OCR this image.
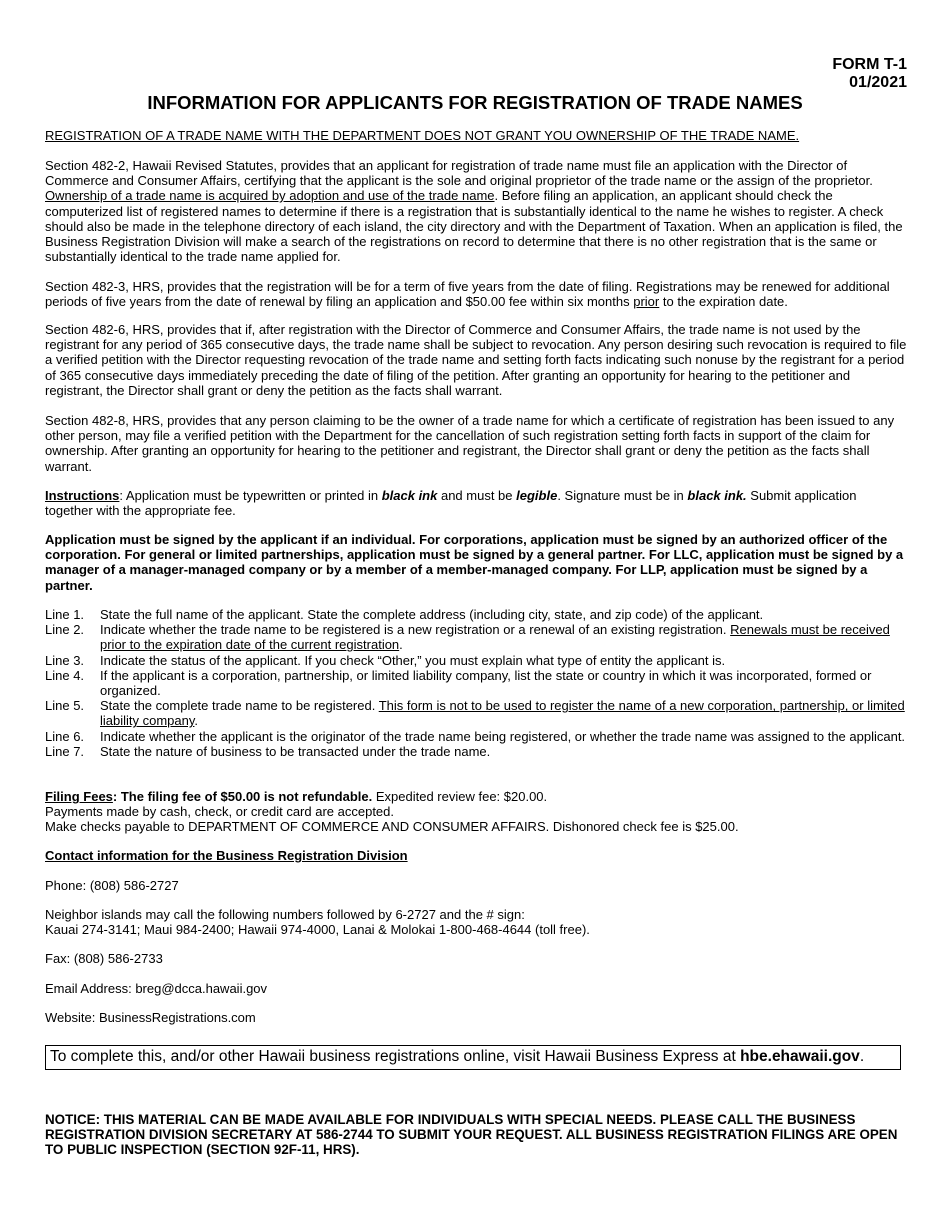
FORM T-1
01/2021
INFORMATION FOR APPLICANTS FOR REGISTRATION OF TRADE NAMES

REGISTRATION OF A TRADE NAME WITH THE DEPARTMENT DOES NOT GRANT YOU OWNERSHIP OF THE TRADE NAME.

Section 482-2, Hawaii Revised Statutes, provides that an applicant for registration of trade name must file an application with the Director of Commerce and Consumer Affairs, certifying that the applicant is the sole and original proprietor of the trade name or the assign of the proprietor. Ownership of a trade name is acquired by adoption and use of the trade name. Before filing an application, an applicant should check the computerized list of registered names to determine if there is a registration that is substantially identical to the name he wishes to register. A check should also be made in the telephone directory of each island, the city directory and with the Department of Taxation. When an application is filed, the Business Registration Division will make a search of the registrations on record to determine that there is no other registration that is the same or substantially identical to the trade name applied for.

Section 482-3, HRS, provides that the registration will be for a term of five years from the date of filing. Registrations may be renewed for additional periods of five years from the date of renewal by filing an application and $50.00 fee within six months prior to the expiration date.

Section 482-6, HRS, provides that if, after registration with the Director of Commerce and Consumer Affairs, the trade name is not used by the registrant for any period of 365 consecutive days, the trade name shall be subject to revocation. Any person desiring such revocation is required to file a verified petition with the Director requesting revocation of the trade name and setting forth facts indicating such nonuse by the registrant for a period of 365 consecutive days immediately preceding the date of filing of the petition. After granting an opportunity for hearing to the petitioner and registrant, the Director shall grant or deny the petition as the facts shall warrant.

Section 482-8, HRS, provides that any person claiming to be the owner of a trade name for which a certificate of registration has been issued to any other person, may file a verified petition with the Department for the cancellation of such registration setting forth facts in support of the claim for ownership. After granting an opportunity for hearing to the petitioner and registrant, the Director shall grant or deny the petition as the facts shall warrant.

Instructions: Application must be typewritten or printed in black ink and must be legible. Signature must be in black ink. Submit application together with the appropriate fee.

Application must be signed by the applicant if an individual. For corporations, application must be signed by an authorized officer of the corporation. For general or limited partnerships, application must be signed by a general partner. For LLC, application must be signed by a manager of a manager-managed company or by a member of a member-managed company. For LLP, application must be signed by a partner.

Line 1.	State the full name of the applicant. State the complete address (including city, state, and zip code) of the applicant.
Line 2.	Indicate whether the trade name to be registered is a new registration or a renewal of an existing registration. Renewals must be received prior to the expiration date of the current registration.
Line 3.	Indicate the status of the applicant. If you check “Other,” you must explain what type of entity the applicant is.
Line 4.	If the applicant is a corporation, partnership, or limited liability company, list the state or country in which it was incorporated, formed or organized.
Line 5.	State the complete trade name to be registered. This form is not to be used to register the name of a new corporation, partnership, or limited liability company.
Line 6.	Indicate whether the applicant is the originator of the trade name being registered, or whether the trade name was assigned to the applicant.
Line 7.	State the nature of business to be transacted under the trade name.
Filing Fees: The filing fee of $50.00 is not refundable. Expedited review fee: $20.00.
Payments made by cash, check, or credit card are accepted.
Make checks payable to DEPARTMENT OF COMMERCE AND CONSUMER AFFAIRS. Dishonored check fee is $25.00.

Contact information for the Business Registration Division

Phone: (808) 586-2727

Neighbor islands may call the following numbers followed by 6-2727 and the # sign:
Kauai 274-3141; Maui 984-2400; Hawaii 974-4000, Lanai & Molokai 1-800-468-4644 (toll free).

Fax: (808) 586-2733

Email Address: breg@dcca.hawaii.gov

Website: BusinessRegistrations.com

To complete this, and/or other Hawaii business registrations online, visit Hawaii Business Express at hbe.ehawaii.gov.

NOTICE: THIS MATERIAL CAN BE MADE AVAILABLE FOR INDIVIDUALS WITH SPECIAL NEEDS. PLEASE CALL THE BUSINESS REGISTRATION DIVISION SECRETARY AT 586-2744 TO SUBMIT YOUR REQUEST. ALL BUSINESS REGISTRATION FILINGS ARE OPEN TO PUBLIC INSPECTION (SECTION 92F-11, HRS).
